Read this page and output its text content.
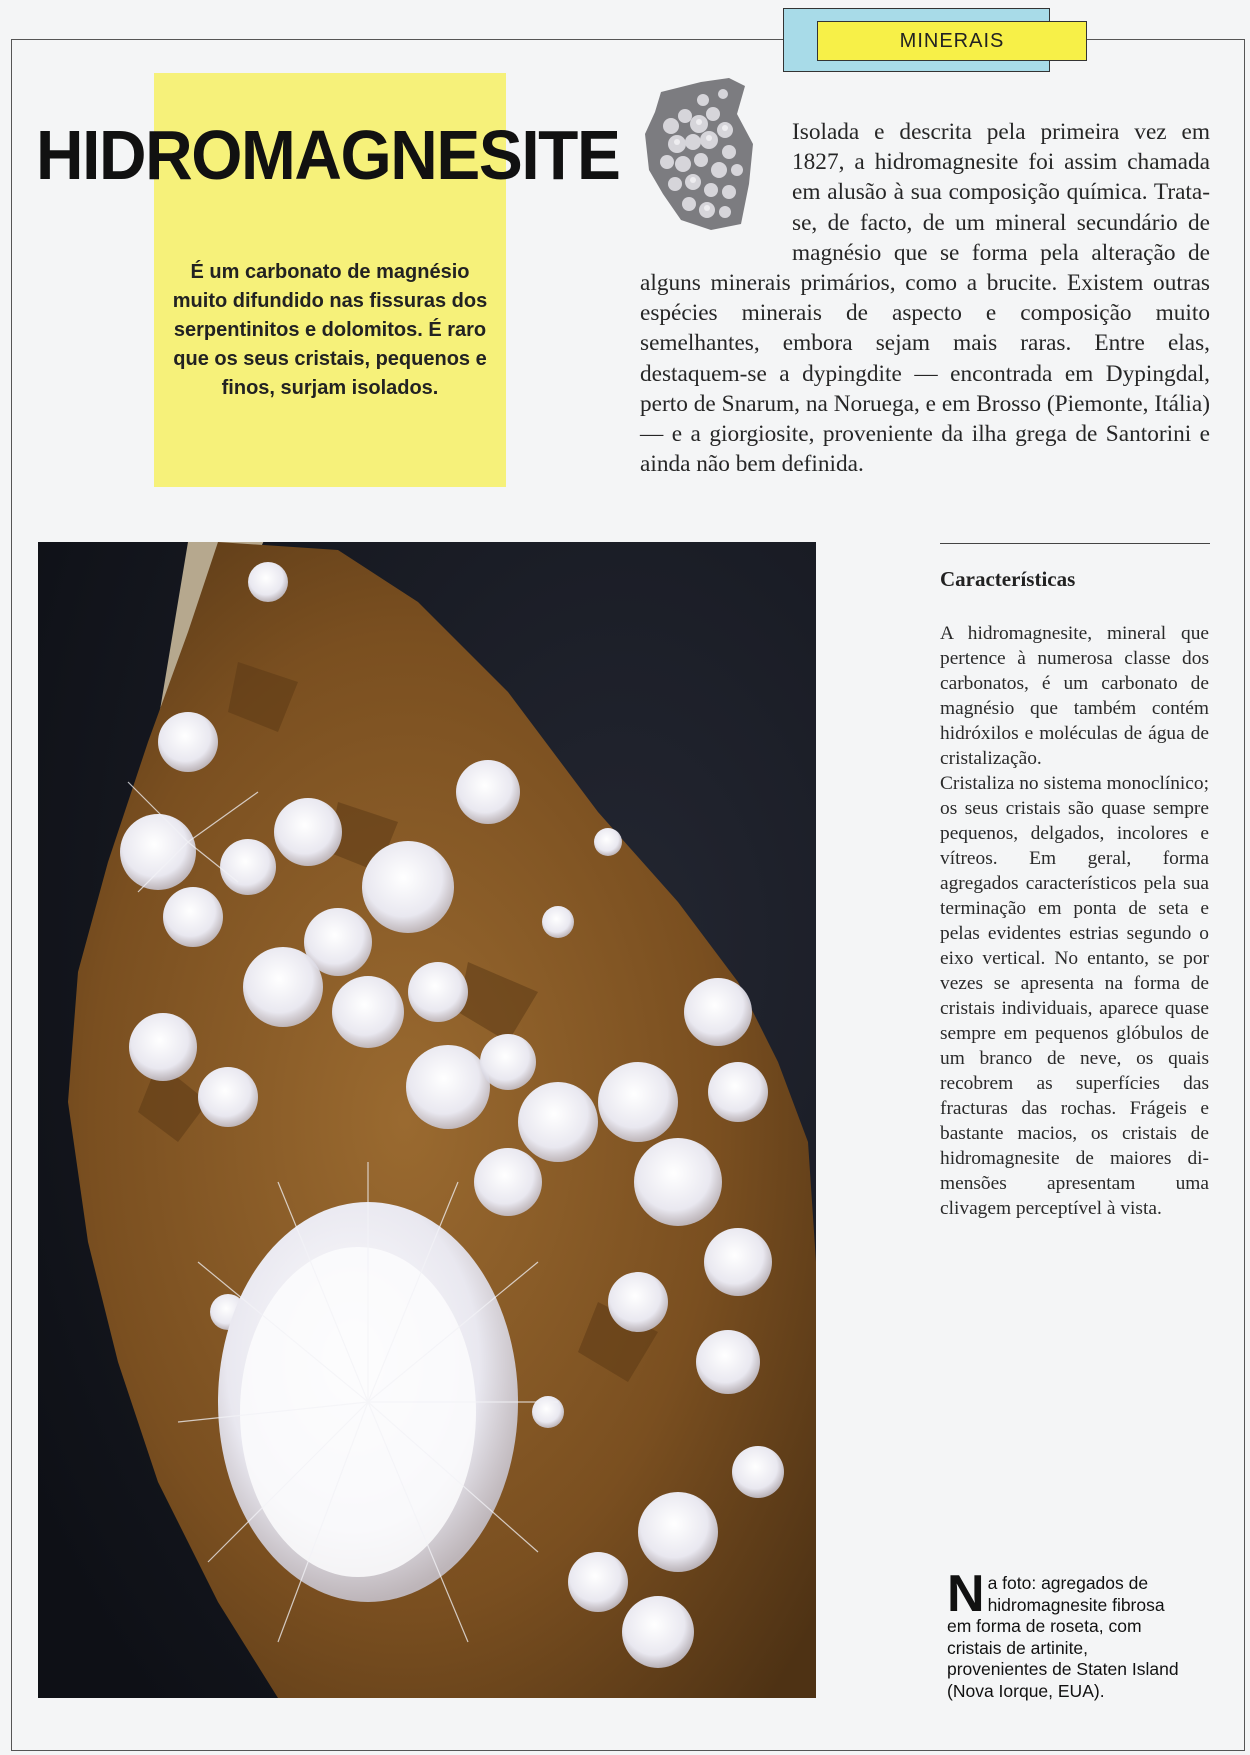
MINERAIS
HIDROMAGNESITE

É um carbonato de magnésio muito difundido nas fissuras dos serpentinitos e dolomitos. É raro que os seus cristais, pequenos e finos, surjam isolados.

Isolada e descrita pela primeira vez em 1827, a hidromagnesite foi assim chamada em alusão à sua composição química. Trata-se, de facto, de um mineral secundário de magnésio que se forma pela alteração de alguns minerais primários, como a brucite. Existem outras espécies minerais de aspecto e composição muito semelhantes, embora sejam mais raras. Entre elas, destaquem-se a dypingdite — encontrada em Dypingdal, perto de Snarum, na Noruega, e em Brosso (Piemonte, Itália) — e a giorgiosite, proveniente da ilha grega de Santorini e ainda não bem definida.

Características

A hidromagnesite, mineral que pertence à numerosa classe dos carbonatos, é um carbonato de magnésio que também contém hidróxilos e moléculas de água de cristalização.

Cristaliza no sistema monoclínico; os seus cristais são quase sempre pequenos, delgados, incolores e vítreos. Em geral, forma agregados característicos pela sua terminação em ponta de seta e pelas evidentes estrias segundo o eixo vertical. No entanto, se por vezes se apresenta na forma de cristais individuais, aparece quase sempre em pequenos glóbulos de um branco de neve, os quais recobrem as superfícies das fracturas das rochas. Frágeis e bastante macios, os cristais de hidromagnesite de maiores dimensões apresentam uma clivagem perceptível à vista.

Na foto: agregados de hidromagnesite fibrosa em forma de roseta, com cristais de artinite, provenientes de Staten Island (Nova Iorque, EUA).
